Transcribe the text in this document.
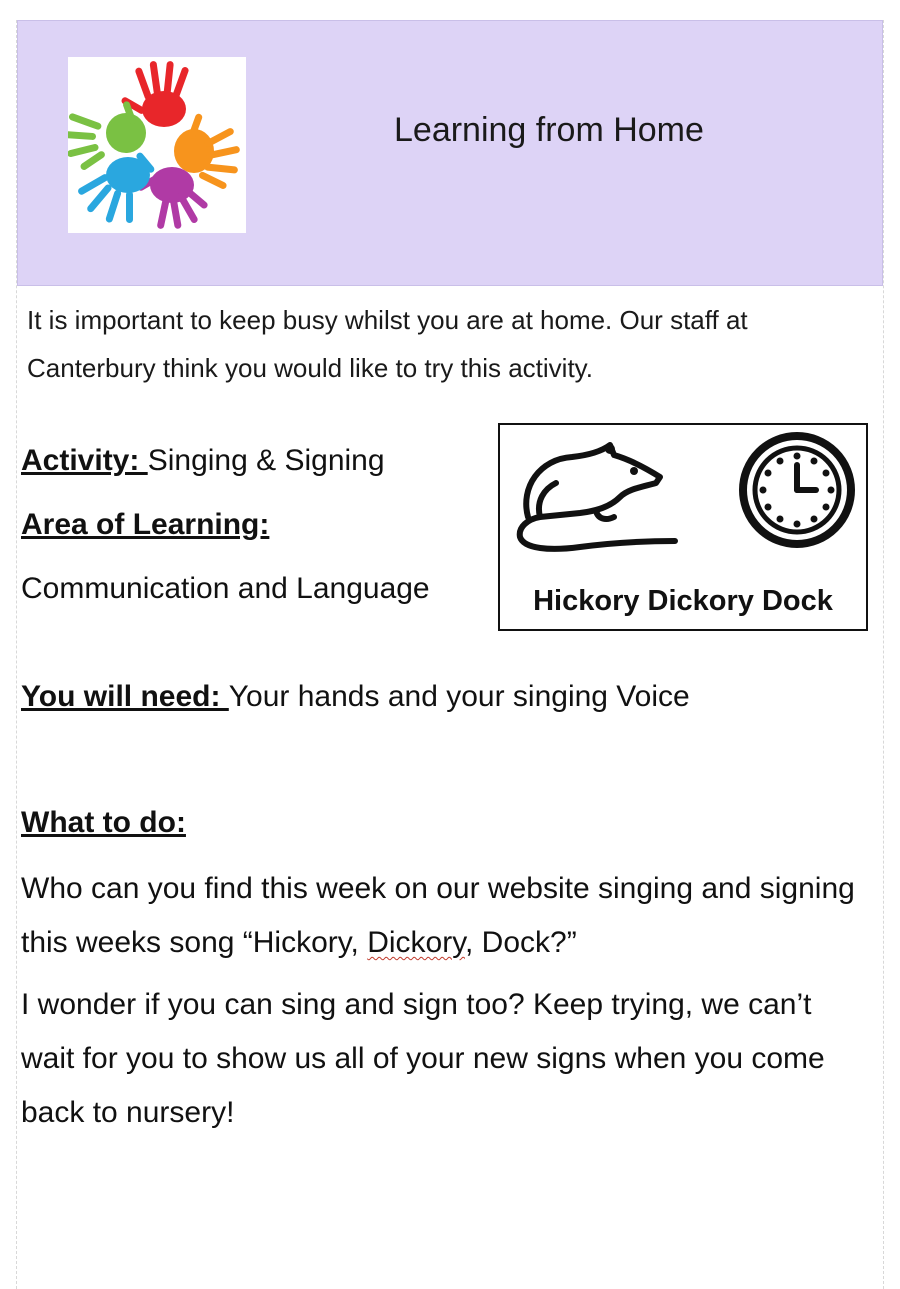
Learning from Home
It is important to keep busy whilst you are at home. Our staff at Canterbury think you would like to try this activity.
Activity: Singing & Signing
Area of Learning:
Communication and Language	Hickory Dickory Dock
You will need: Your hands and your singing Voice
What to do:
Who can you find this week on our website singing and signing this weeks song “Hickory, Dickory, Dock?”
I wonder if you can sing and sign too? Keep trying, we can’t wait for you to show us all of your new signs when you come back to nursery!
